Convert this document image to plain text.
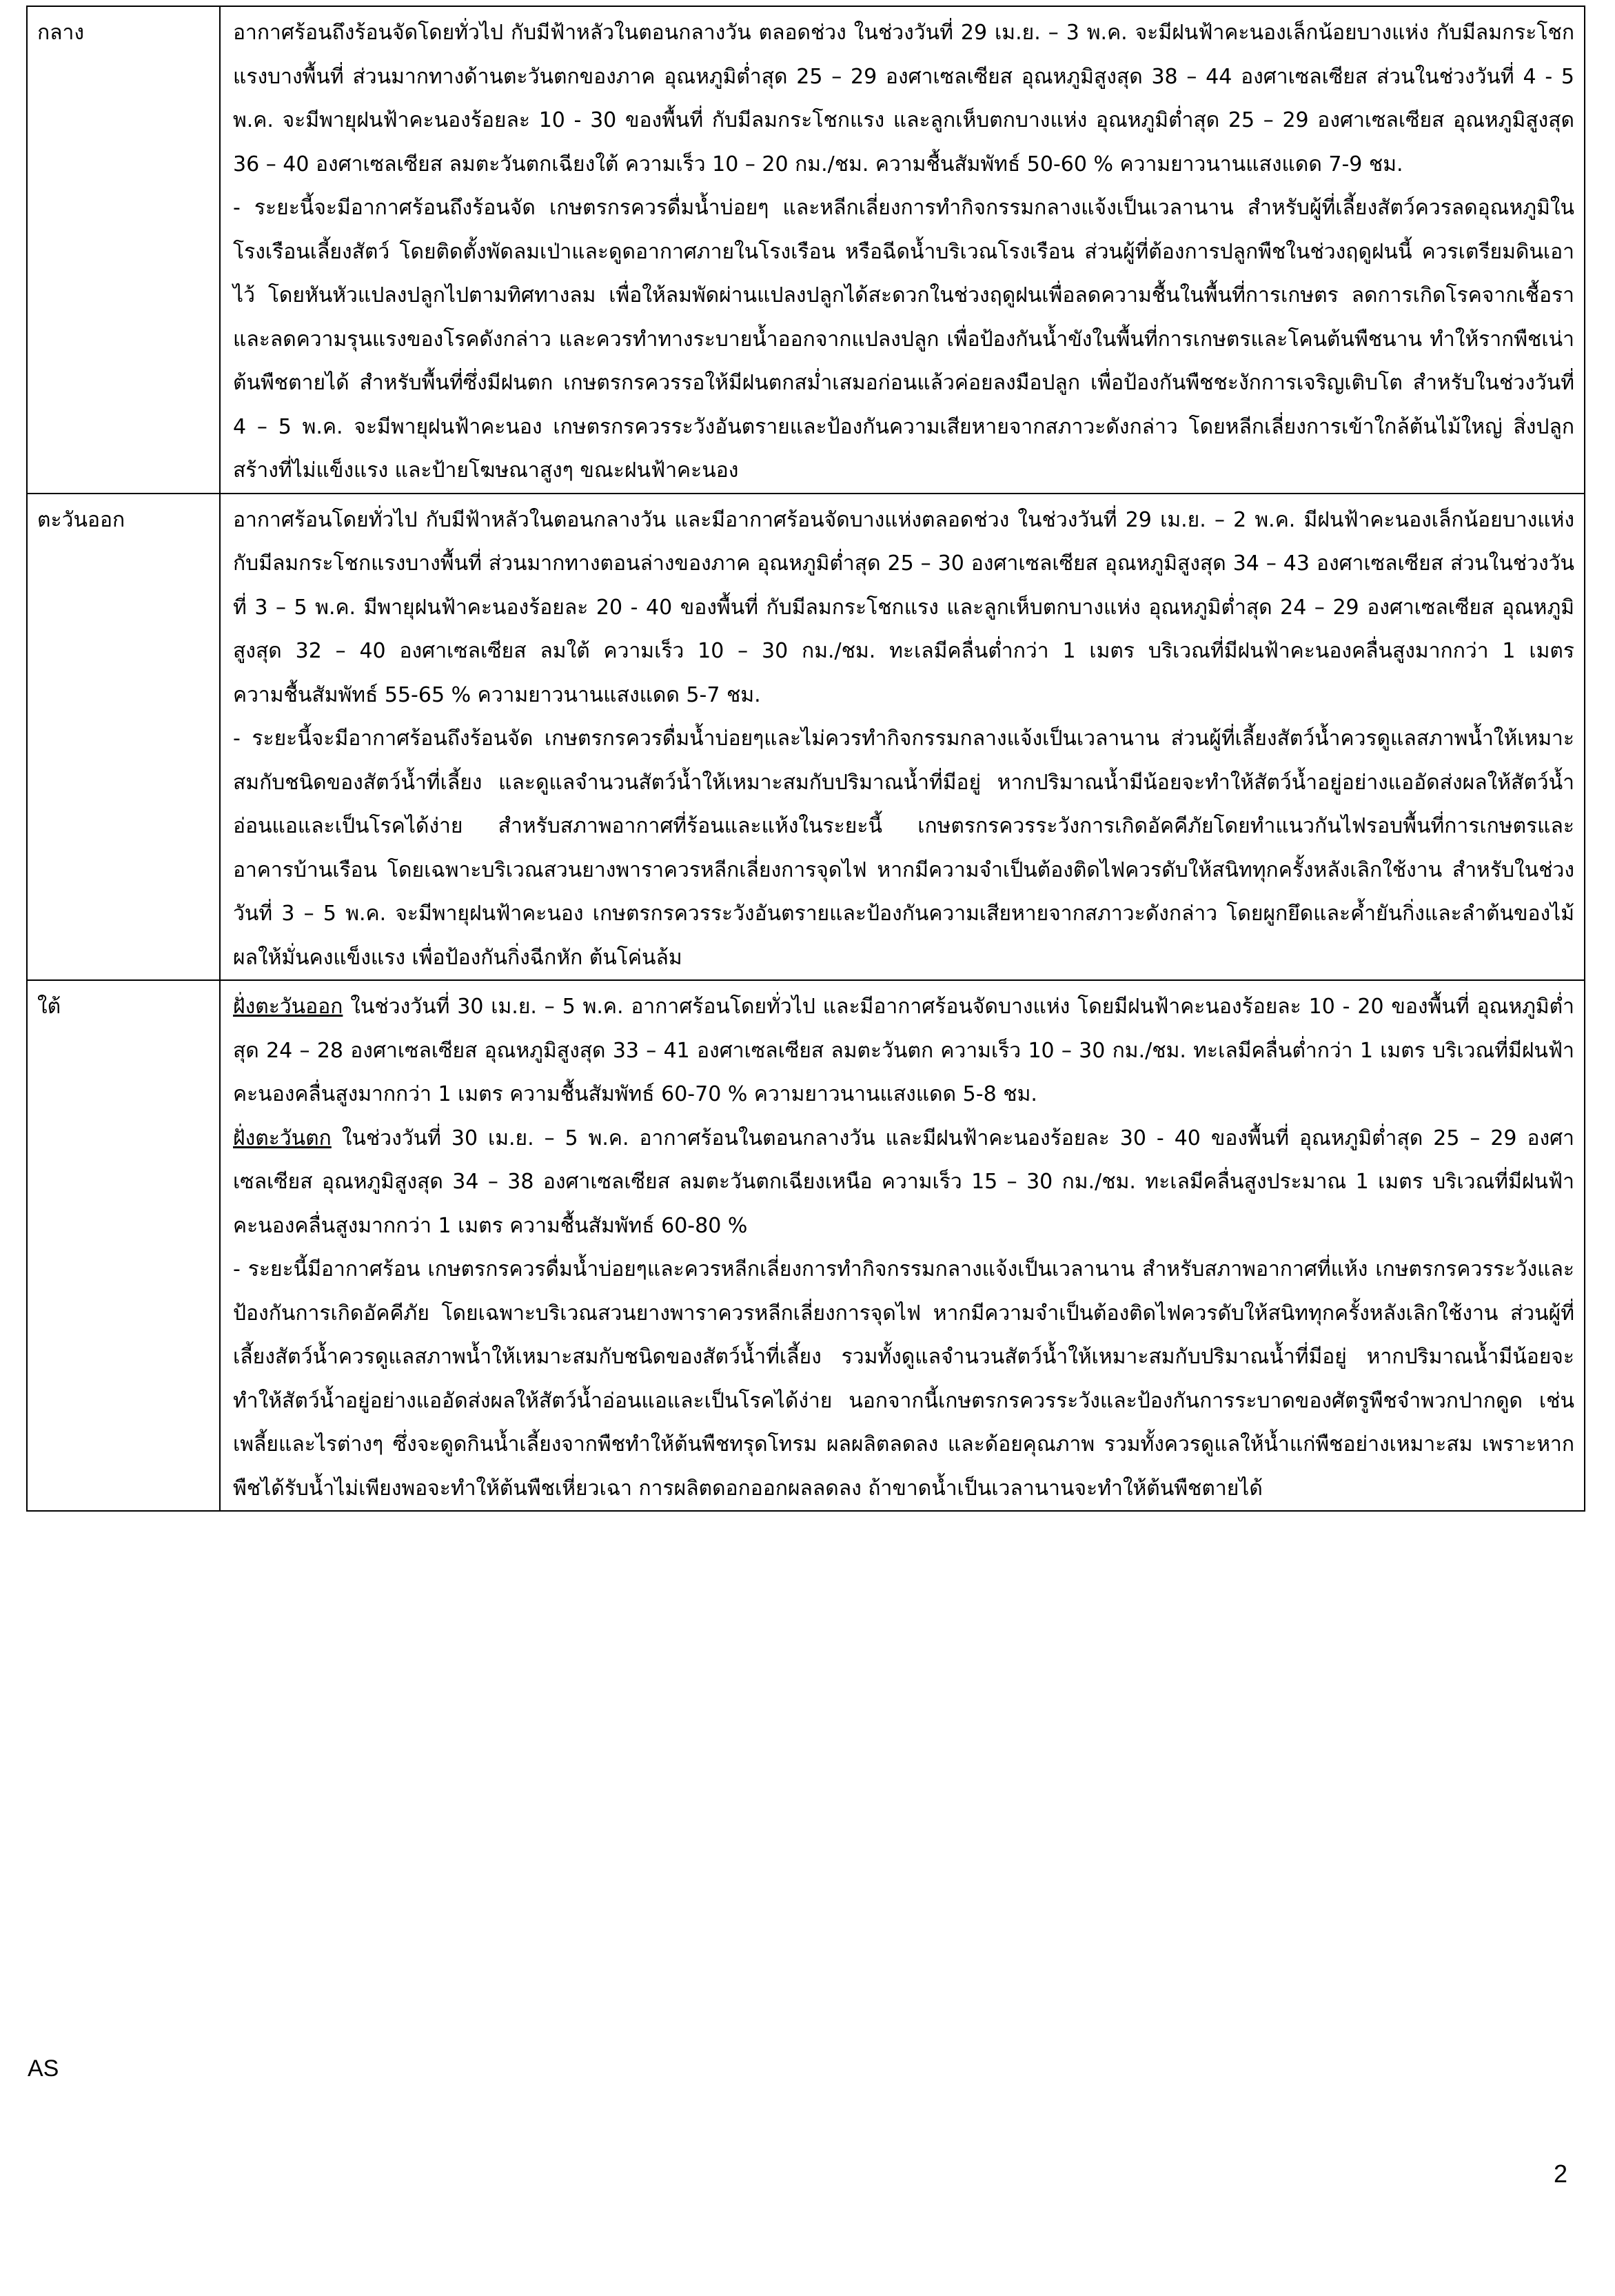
กลาง	อากาศร้อนถึงร้อนจัดโดยทั่วไป กับมีฟ้าหลัวในตอนกลางวัน ตลอดช่วง ในช่วงวันที่ 29 เม.ย. – 3 พ.ค. จะมีฝนฟ้าคะนองเล็กน้อยบางแห่ง กับมีลมกระโชกแรงบางพื้นที่ ส่วนมากทางด้านตะวันตกของภาค อุณหภูมิต่ำสุด 25 – 29 องศาเซลเซียส อุณหภูมิสูงสุด 38 – 44 องศาเซลเซียส ส่วนในช่วงวันที่ 4 - 5 พ.ค. จะมีพายุฝนฟ้าคะนองร้อยละ 10 - 30 ของพื้นที่ กับมีลมกระโชกแรง และลูกเห็บตกบางแห่ง อุณหภูมิต่ำสุด 25 – 29 องศาเซลเซียส อุณหภูมิสูงสุด 36 – 40 องศาเซลเซียส ลมตะวันตกเฉียงใต้ ความเร็ว 10 – 20 กม./ชม. ความชื้นสัมพัทธ์ 50-60 % ความยาวนานแสงแดด 7-9 ชม.

- ระยะนี้จะมีอากาศร้อนถึงร้อนจัด เกษตรกรควรดื่มน้ำบ่อยๆ และหลีกเลี่ยงการทำกิจกรรมกลางแจ้งเป็นเวลานาน สำหรับผู้ที่เลี้ยงสัตว์ควรลดอุณหภูมิในโรงเรือนเลี้ยงสัตว์ โดยติดตั้งพัดลมเป่าและดูดอากาศภายในโรงเรือน หรือฉีดน้ำบริเวณโรงเรือน ส่วนผู้ที่ต้องการปลูกพืชในช่วงฤดูฝนนี้ ควรเตรียมดินเอาไว้ โดยหันหัวแปลงปลูกไปตามทิศทางลม เพื่อให้ลมพัดผ่านแปลงปลูกได้สะดวกในช่วงฤดูฝนเพื่อลดความชื้นในพื้นที่การเกษตร ลดการเกิดโรคจากเชื้อราและลดความรุนแรงของโรคดังกล่าว และควรทำทางระบายน้ำออกจากแปลงปลูก เพื่อป้องกันน้ำขังในพื้นที่การเกษตรและโคนต้นพืชนาน ทำให้รากพืชเน่า ต้นพืชตายได้ สำหรับพื้นที่ซึ่งมีฝนตก เกษตรกรควรรอให้มีฝนตกสม่ำเสมอก่อนแล้วค่อยลงมือปลูก เพื่อป้องกันพืชชะงักการเจริญเติบโต สำหรับในช่วงวันที่ 4 – 5 พ.ค. จะมีพายุฝนฟ้าคะนอง เกษตรกรควรระวังอันตรายและป้องกันความเสียหายจากสภาวะดังกล่าว โดยหลีกเลี่ยงการเข้าใกล้ต้นไม้ใหญ่ สิ่งปลูกสร้างที่ไม่แข็งแรง และป้ายโฆษณาสูงๆ ขณะฝนฟ้าคะนอง

ตะวันออก	อากาศร้อนโดยทั่วไป กับมีฟ้าหลัวในตอนกลางวัน และมีอากาศร้อนจัดบางแห่งตลอดช่วง ในช่วงวันที่ 29 เม.ย. – 2 พ.ค. มีฝนฟ้าคะนองเล็กน้อยบางแห่ง กับมีลมกระโชกแรงบางพื้นที่ ส่วนมากทางตอนล่างของภาค อุณหภูมิต่ำสุด 25 – 30 องศาเซลเซียส อุณหภูมิสูงสุด 34 – 43 องศาเซลเซียส ส่วนในช่วงวันที่ 3 – 5 พ.ค. มีพายุฝนฟ้าคะนองร้อยละ 20 - 40 ของพื้นที่ กับมีลมกระโชกแรง และลูกเห็บตกบางแห่ง อุณหภูมิต่ำสุด 24 – 29 องศาเซลเซียส อุณหภูมิสูงสุด 32 – 40 องศาเซลเซียส ลมใต้ ความเร็ว 10 – 30 กม./ชม. ทะเลมีคลื่นต่ำกว่า 1 เมตร บริเวณที่มีฝนฟ้าคะนองคลื่นสูงมากกว่า 1 เมตร ความชื้นสัมพัทธ์ 55-65 % ความยาวนานแสงแดด 5-7 ชม.

- ระยะนี้จะมีอากาศร้อนถึงร้อนจัด เกษตรกรควรดื่มน้ำบ่อยๆและไม่ควรทำกิจกรรมกลางแจ้งเป็นเวลานาน ส่วนผู้ที่เลี้ยงสัตว์น้ำควรดูแลสภาพน้ำให้เหมาะสมกับชนิดของสัตว์น้ำที่เลี้ยง และดูแลจำนวนสัตว์น้ำให้เหมาะสมกับปริมาณน้ำที่มีอยู่ หากปริมาณน้ำมีน้อยจะทำให้สัตว์น้ำอยู่อย่างแออัดส่งผลให้สัตว์น้ำอ่อนแอและเป็นโรคได้ง่าย สำหรับสภาพอากาศที่ร้อนและแห้งในระยะนี้ เกษตรกรควรระวังการเกิดอัคคีภัยโดยทำแนวกันไฟรอบพื้นที่การเกษตรและอาคารบ้านเรือน โดยเฉพาะบริเวณสวนยางพาราควรหลีกเลี่ยงการจุดไฟ หากมีความจำเป็นต้องติดไฟควรดับให้สนิททุกครั้งหลังเลิกใช้งาน สำหรับในช่วงวันที่ 3 – 5 พ.ค. จะมีพายุฝนฟ้าคะนอง เกษตรกรควรระวังอันตรายและป้องกันความเสียหายจากสภาวะดังกล่าว โดยผูกยึดและค้ำยันกิ่งและลำต้นของไม้ผลให้มั่นคงแข็งแรง เพื่อป้องกันกิ่งฉีกหัก ต้นโค่นล้ม

ใต้	ฝั่งตะวันออก ในช่วงวันที่ 30 เม.ย. – 5 พ.ค. อากาศร้อนโดยทั่วไป และมีอากาศร้อนจัดบางแห่ง โดยมีฝนฟ้าคะนองร้อยละ 10 - 20 ของพื้นที่ อุณหภูมิต่ำสุด 24 – 28 องศาเซลเซียส อุณหภูมิสูงสุด 33 – 41 องศาเซลเซียส ลมตะวันตก ความเร็ว 10 – 30 กม./ชม. ทะเลมีคลื่นต่ำกว่า 1 เมตร บริเวณที่มีฝนฟ้าคะนองคลื่นสูงมากกว่า 1 เมตร ความชื้นสัมพัทธ์ 60-70 % ความยาวนานแสงแดด 5-8 ชม.

ฝั่งตะวันตก ในช่วงวันที่ 30 เม.ย. – 5 พ.ค. อากาศร้อนในตอนกลางวัน และมีฝนฟ้าคะนองร้อยละ 30 - 40 ของพื้นที่ อุณหภูมิต่ำสุด 25 – 29 องศาเซลเซียส อุณหภูมิสูงสุด 34 – 38 องศาเซลเซียส ลมตะวันตกเฉียงเหนือ ความเร็ว 15 – 30 กม./ชม. ทะเลมีคลื่นสูงประมาณ 1 เมตร บริเวณที่มีฝนฟ้าคะนองคลื่นสูงมากกว่า 1 เมตร ความชื้นสัมพัทธ์ 60-80 %

- ระยะนี้มีอากาศร้อน เกษตรกรควรดื่มน้ำบ่อยๆและควรหลีกเลี่ยงการทำกิจกรรมกลางแจ้งเป็นเวลานาน สำหรับสภาพอากาศที่แห้ง เกษตรกรควรระวังและป้องกันการเกิดอัคคีภัย โดยเฉพาะบริเวณสวนยางพาราควรหลีกเลี่ยงการจุดไฟ หากมีความจำเป็นต้องติดไฟควรดับให้สนิททุกครั้งหลังเลิกใช้งาน ส่วนผู้ที่เลี้ยงสัตว์น้ำควรดูแลสภาพน้ำให้เหมาะสมกับชนิดของสัตว์น้ำที่เลี้ยง รวมทั้งดูแลจำนวนสัตว์น้ำให้เหมาะสมกับปริมาณน้ำที่มีอยู่ หากปริมาณน้ำมีน้อยจะทำให้สัตว์น้ำอยู่อย่างแออัดส่งผลให้สัตว์น้ำอ่อนแอและเป็นโรคได้ง่าย นอกจากนี้เกษตรกรควรระวังและป้องกันการระบาดของศัตรูพืชจำพวกปากดูด เช่น เพลี้ยและไรต่างๆ ซึ่งจะดูดกินน้ำเลี้ยงจากพืชทำให้ต้นพืชทรุดโทรม ผลผลิตลดลง และด้อยคุณภาพ รวมทั้งควรดูแลให้น้ำแก่พืชอย่างเหมาะสม เพราะหากพืชได้รับน้ำไม่เพียงพอจะทำให้ต้นพืชเหี่ยวเฉา การผลิตดอกออกผลลดลง ถ้าขาดน้ำเป็นเวลานานจะทำให้ต้นพืชตายได้

AS
2
